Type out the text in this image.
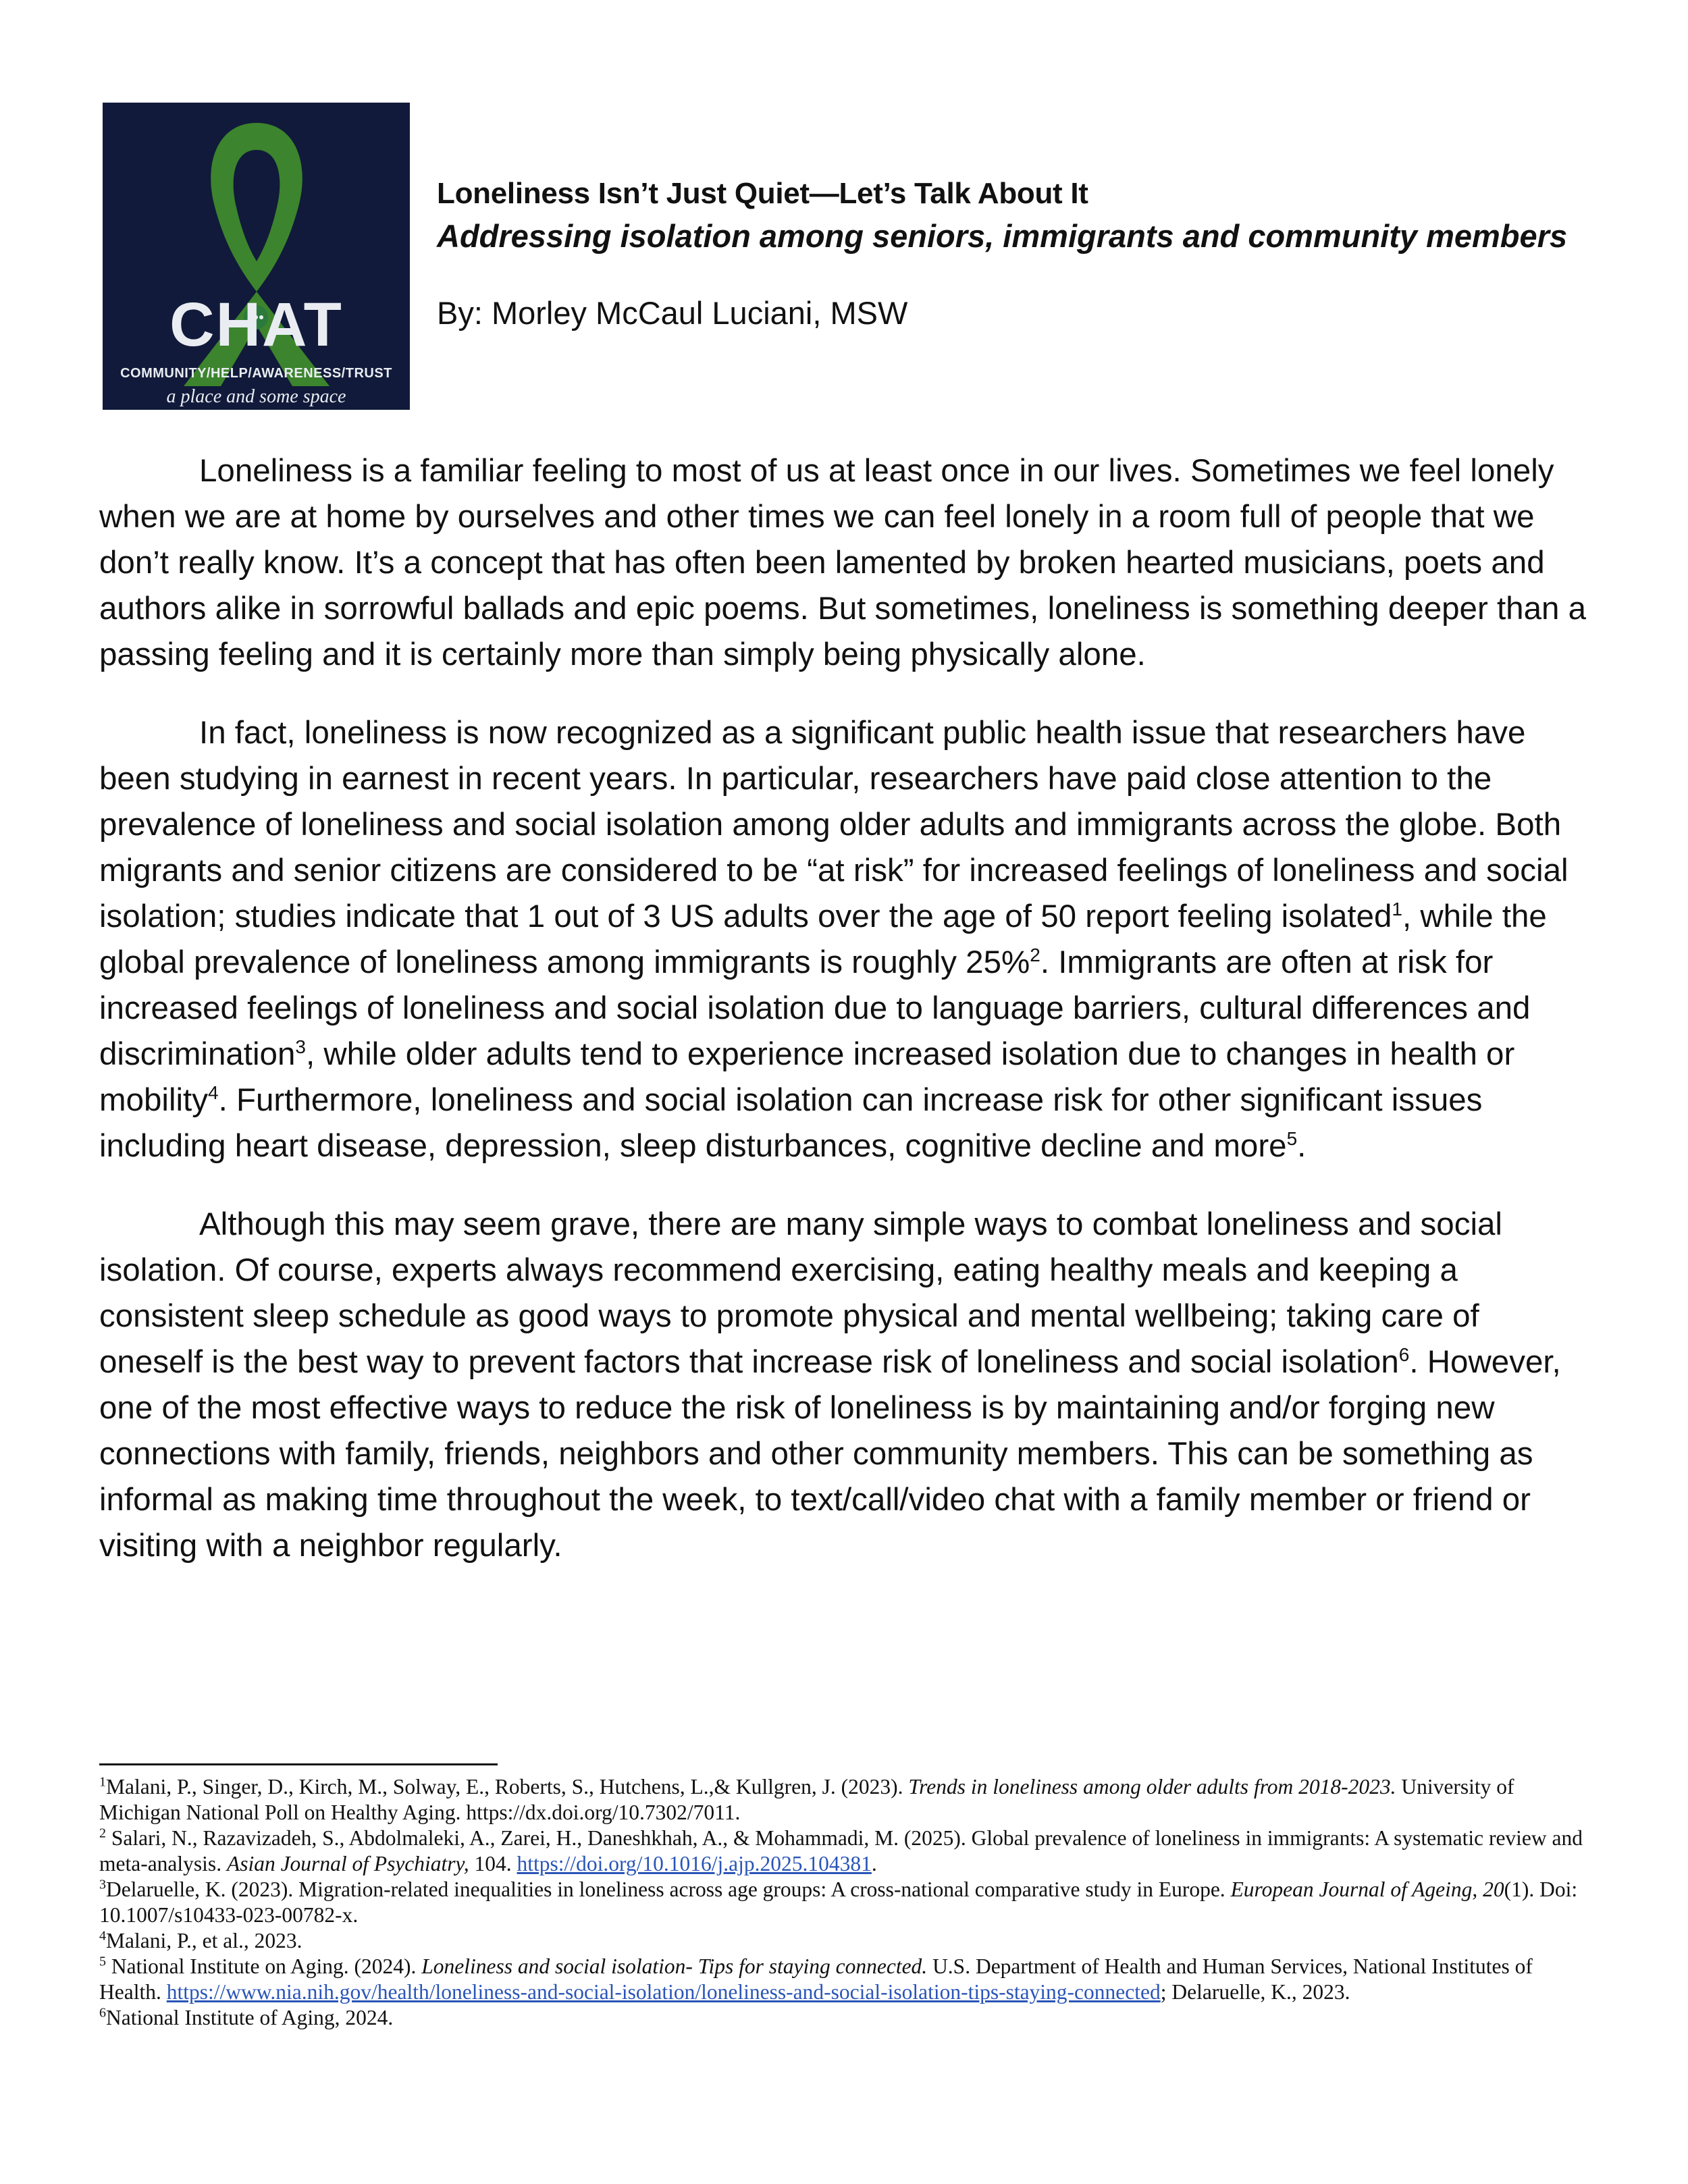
CHAT
COMMUNITY/HELP/AWARENESS/TRUST
a place and some space
Loneliness Isn’t Just Quiet—Let’s Talk About It
Addressing isolation among seniors, immigrants and community members

By: Morley McCaul Luciani, MSW

Loneliness is a familiar feeling to most of us at least once in our lives. Sometimes we feel lonely when we are at home by ourselves and other times we can feel lonely in a room full of people that we don’t really know. It’s a concept that has often been lamented by broken hearted musicians, poets and authors alike in sorrowful ballads and epic poems. But sometimes, loneliness is something deeper than a passing feeling and it is certainly more than simply being physically alone.

In fact, loneliness is now recognized as a significant public health issue that researchers have been studying in earnest in recent years. In particular, researchers have paid close attention to the prevalence of loneliness and social isolation among older adults and immigrants across the globe. Both migrants and senior citizens are considered to be “at risk” for increased feelings of loneliness and social isolation; studies indicate that 1 out of 3 US adults over the age of 50 report feeling isolated$^1$, while the global prevalence of loneliness among immigrants is roughly 25%$^2$. Immigrants are often at risk for increased feelings of loneliness and social isolation due to language barriers, cultural differences and discrimination$^3$, while older adults tend to experience increased isolation due to changes in health or mobility$^4$. Furthermore, loneliness and social isolation can increase risk for other significant issues including heart disease, depression, sleep disturbances, cognitive decline and more$^5$.

Although this may seem grave, there are many simple ways to combat loneliness and social isolation. Of course, experts always recommend exercising, eating healthy meals and keeping a consistent sleep schedule as good ways to promote physical and mental wellbeing; taking care of oneself is the best way to prevent factors that increase risk of loneliness and social isolation$^6$. However, one of the most effective ways to reduce the risk of loneliness is by maintaining and/or forging new connections with family, friends, neighbors and other community members. This can be something as informal as making time throughout the week, to text/call/video chat with a family member or friend or visiting with a neighbor regularly.

$^1$Malani, P., Singer, D., Kirch, M., Solway, E., Roberts, S., Hutchens, L.,& Kullgren, J. (2023). Trends in loneliness among older adults from 2018-2023. University of Michigan National Poll on Healthy Aging. https://dx.doi.org/10.7302/7011.

$^2$ Salari, N., Razavizadeh, S., Abdolmaleki, A., Zarei, H., Daneshkhah, A., & Mohammadi, M. (2025). Global prevalence of loneliness in immigrants: A systematic review and meta-analysis. Asian Journal of Psychiatry, 104. https://doi.org/10.1016/j.ajp.2025.104381.

$^3$Delaruelle, K. (2023). Migration-related inequalities in loneliness across age groups: A cross-national comparative study in Europe. European Journal of Ageing, 20(1). Doi: 10.1007/s10433-023-00782-x.

$^4$Malani, P., et al., 2023.

$^5$ National Institute on Aging. (2024). Loneliness and social isolation- Tips for staying connected. U.S. Department of Health and Human Services, National Institutes of Health. https://www.nia.nih.gov/health/loneliness-and-social-isolation/loneliness-and-social-isolation-tips-staying-connected; Delaruelle, K., 2023.

$^6$National Institute of Aging, 2024.
